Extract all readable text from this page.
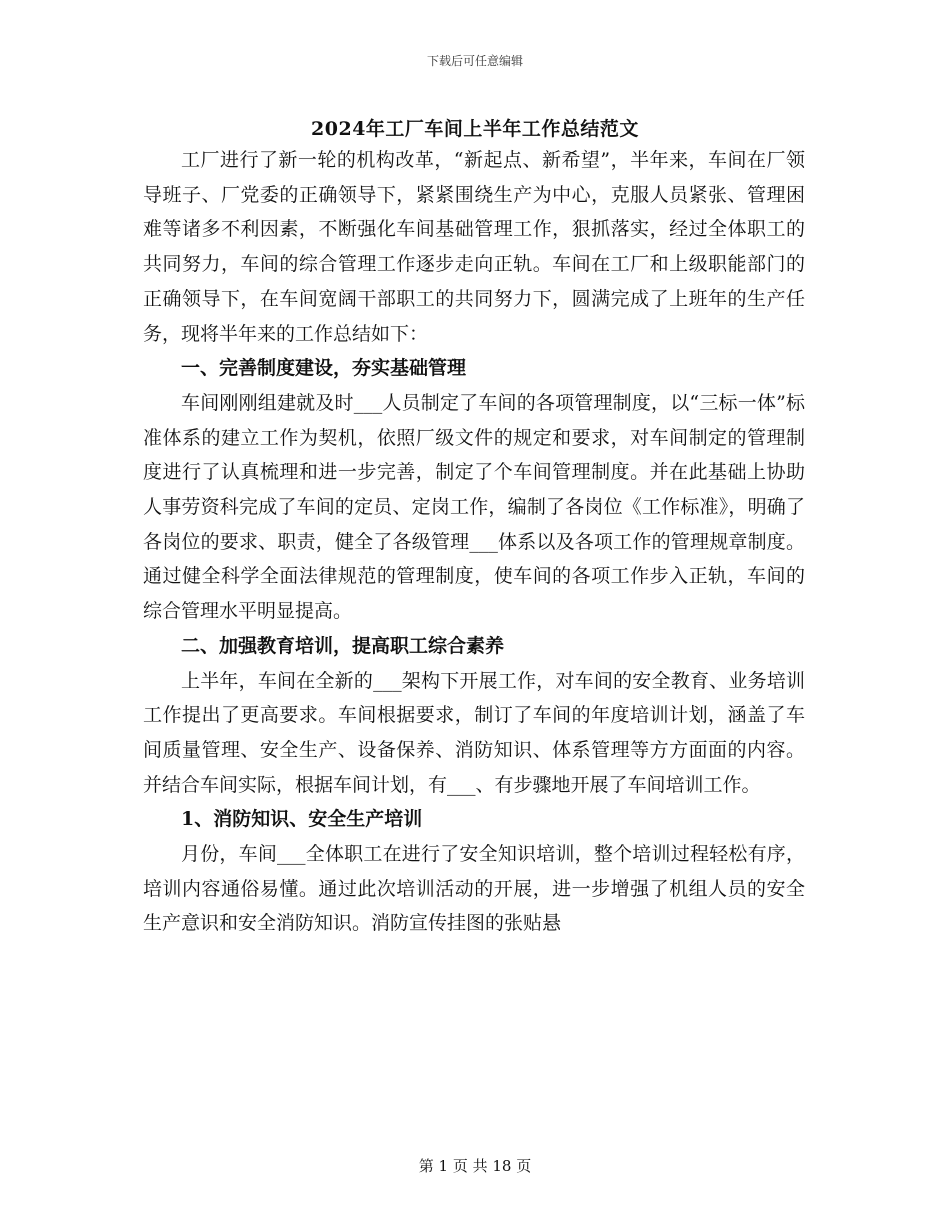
下载后可任意编辑
2024年工厂车间上半年工作总结范文

工厂进行了新一轮的机构改革，“新起点、新希望”，半年来，车间在厂领导班子、厂党委的正确领导下，紧紧围绕生产为中心，克服人员紧张、管理困难等诸多不利因素，不断强化车间基础管理工作，狠抓落实，经过全体职工的共同努力，车间的综合管理工作逐步走向正轨。车间在工厂和上级职能部门的正确领导下，在车间宽阔干部职工的共同努力下，圆满完成了上班年的生产任务，现将半年来的工作总结如下：

一、完善制度建设，夯实基础管理

车间刚刚组建就及时___人员制定了车间的各项管理制度，以“三标一体”标准体系的建立工作为契机，依照厂级文件的规定和要求，对车间制定的管理制度进行了认真梳理和进一步完善，制定了个车间管理制度。并在此基础上协助人事劳资科完成了车间的定员、定岗工作，编制了各岗位《工作标准》，明确了各岗位的要求、职责，健全了各级管理___体系以及各项工作的管理规章制度。通过健全科学全面法律规范的管理制度，使车间的各项工作步入正轨，车间的综合管理水平明显提高。

二、加强教育培训，提高职工综合素养

上半年，车间在全新的___架构下开展工作，对车间的安全教育、业务培训工作提出了更高要求。车间根据要求，制订了车间的年度培训计划，涵盖了车间质量管理、安全生产、设备保养、消防知识、体系管理等方方面面的内容。并结合车间实际，根据车间计划，有___、有步骤地开展了车间培训工作。

1、消防知识、安全生产培训

月份，车间___全体职工在进行了安全知识培训，整个培训过程轻松有序，培训内容通俗易懂。通过此次培训活动的开展，进一步增强了机组人员的安全生产意识和安全消防知识。消防宣传挂图的张贴悬

第 1 页 共 18 页
